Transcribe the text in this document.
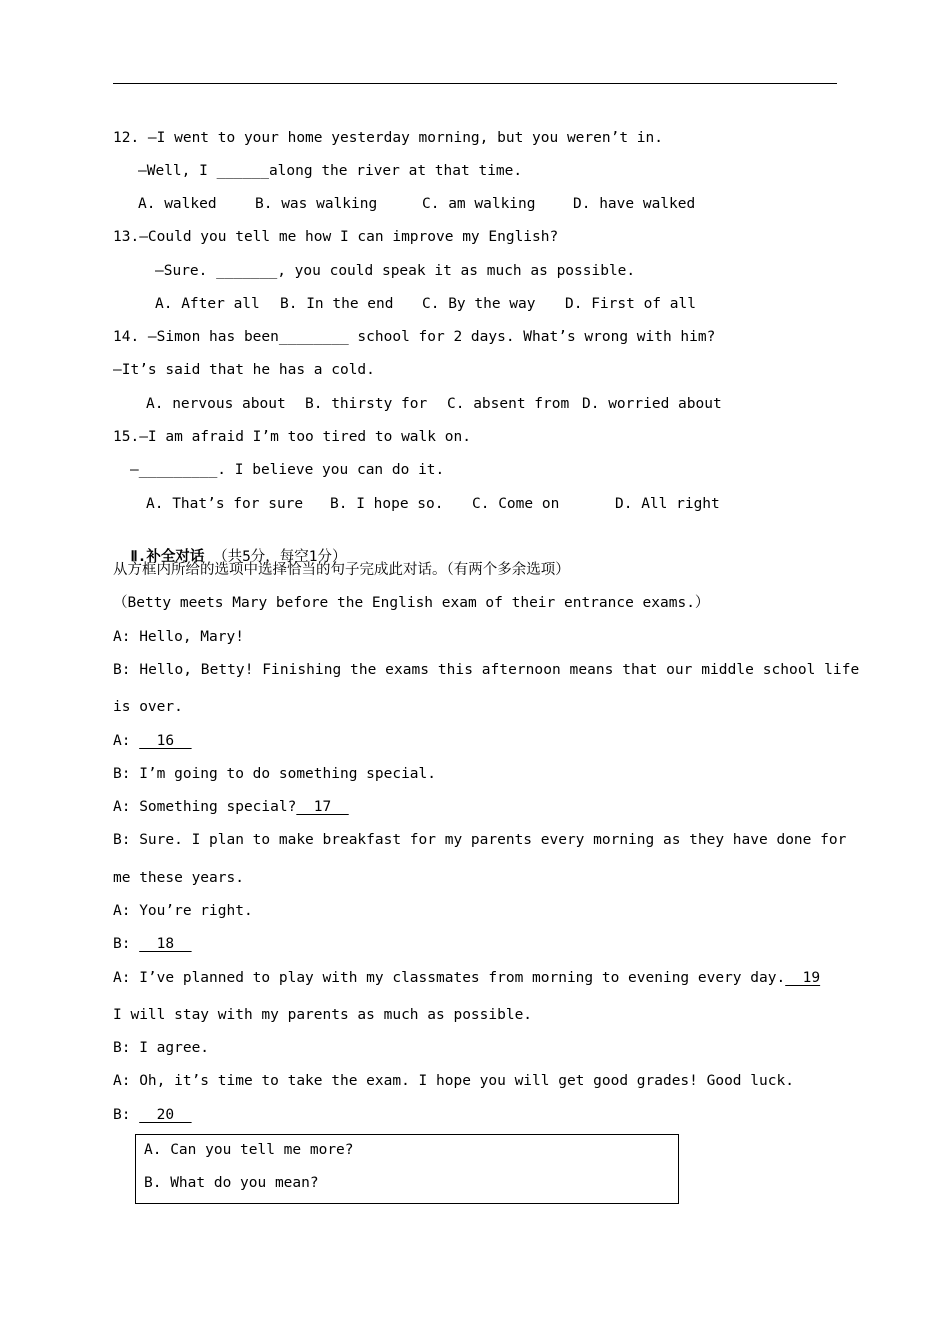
12. —I went to your home yesterday morning, but you weren’t in.
—Well, I ______along the river at that time.
A. walked	B. was walking	C. am walking	D. have walked
13.—Could you tell me how I can improve my English?
—Sure. _______, you could speak it as much as possible.
A. After all B. In the end C. By the way D. First of all
14. —Simon has been________ school for 2 days. What’s wrong with him?
—It’s said that he has a cold.
A. nervous about B. thirsty for C. absent from D. worried about
15.—I am afraid I’m too tired to walk on.
—_________. I believe you can do it.
A. That’s for sure B. I hope so. C. Come on	D. All right

Ⅱ.补全对话 （共5分，每空1分）

从方框内所给的选项中选择恰当的句子完成此对话。（有两个多余选项）
（Betty meets Mary before the English exam of their entrance exams.）
A: Hello, Mary!
B: Hello, Betty! Finishing the exams this afternoon means that our middle school life
is over.
A:   16
B: I’m going to do something special.
A: Something special?  17
B: Sure. I plan to make breakfast for my parents every morning as they have done for
me these years.
A: You’re right.
B:   18
A: I’ve planned to play with my classmates from morning to evening every day.  19
I will stay with my parents as much as possible.
B: I agree.
A: Oh, it’s time to take the exam. I hope you will get good grades! Good luck.
B:   20
A. Can you tell me more?
B. What do you mean?
